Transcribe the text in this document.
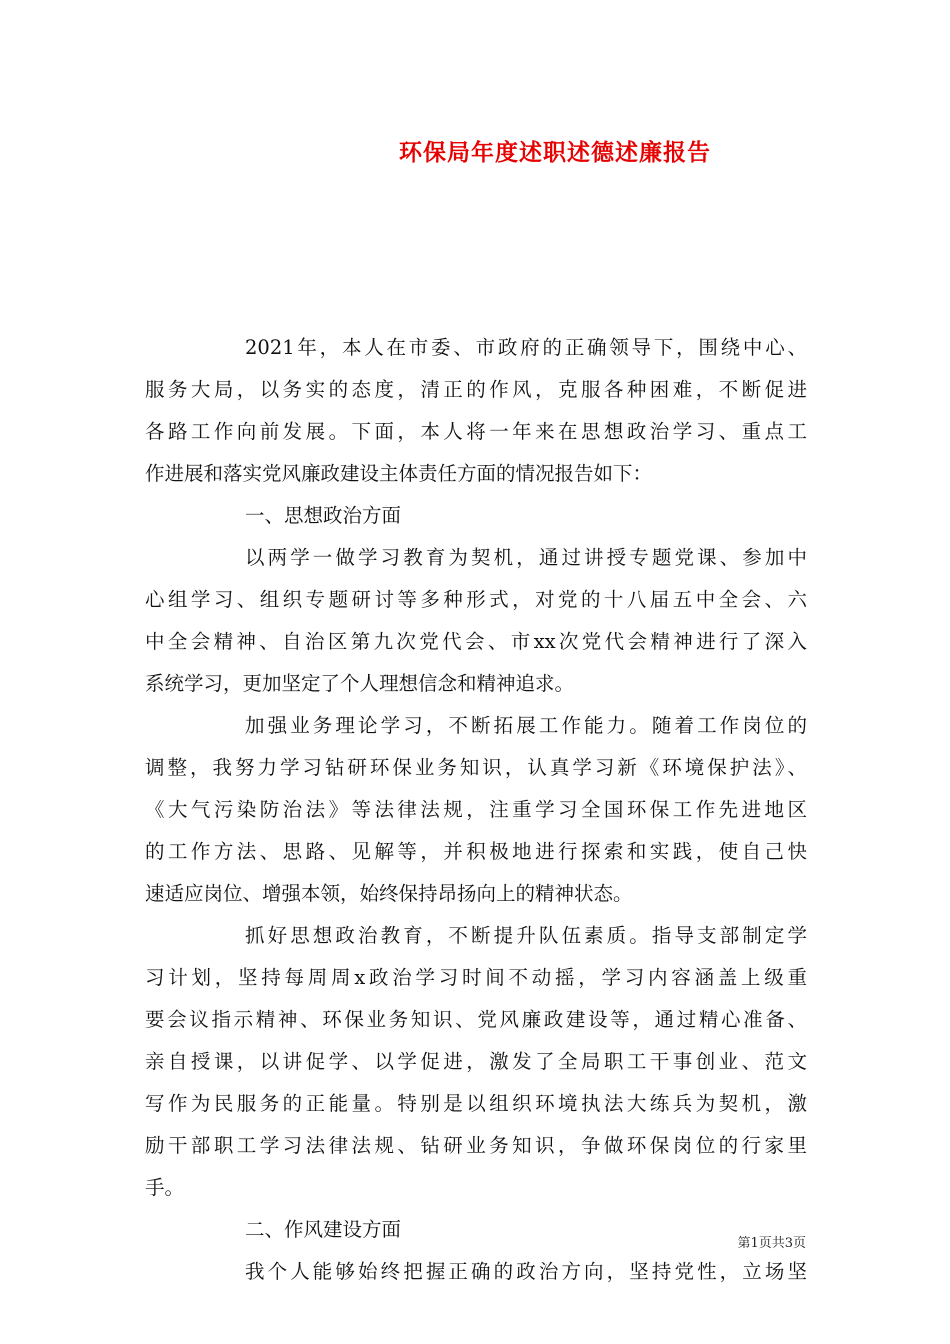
环保局年度述职述德述廉报告
2021年，本人在市委、市政府的正确领导下，围绕中心、
服务大局，以务实的态度，清正的作风，克服各种困难，不断促进
各路工作向前发展。下面，本人将一年来在思想政治学习、重点工
作进展和落实党风廉政建设主体责任方面的情况报告如下：
一、思想政治方面
以两学一做学习教育为契机，通过讲授专题党课、参加中
心组学习、组织专题研讨等多种形式，对党的十八届五中全会、六
中全会精神、自治区第九次党代会、市xx次党代会精神进行了深入
系统学习，更加坚定了个人理想信念和精神追求。
加强业务理论学习，不断拓展工作能力。随着工作岗位的
调整，我努力学习钻研环保业务知识，认真学习新《环境保护法》、
《大气污染防治法》等法律法规，注重学习全国环保工作先进地区
的工作方法、思路、见解等，并积极地进行探索和实践，使自己快
速适应岗位、增强本领，始终保持昂扬向上的精神状态。
抓好思想政治教育，不断提升队伍素质。指导支部制定学
习计划，坚持每周周x政治学习时间不动摇，学习内容涵盖上级重
要会议指示精神、环保业务知识、党风廉政建设等，通过精心准备、
亲自授课，以讲促学、以学促进，激发了全局职工干事创业、范文
写作为民服务的正能量。特别是以组织环境执法大练兵为契机，激
励干部职工学习法律法规、钻研业务知识，争做环保岗位的行家里
手。
二、作风建设方面
我个人能够始终把握正确的政治方向，坚持党性，立场坚
第1页共3页
